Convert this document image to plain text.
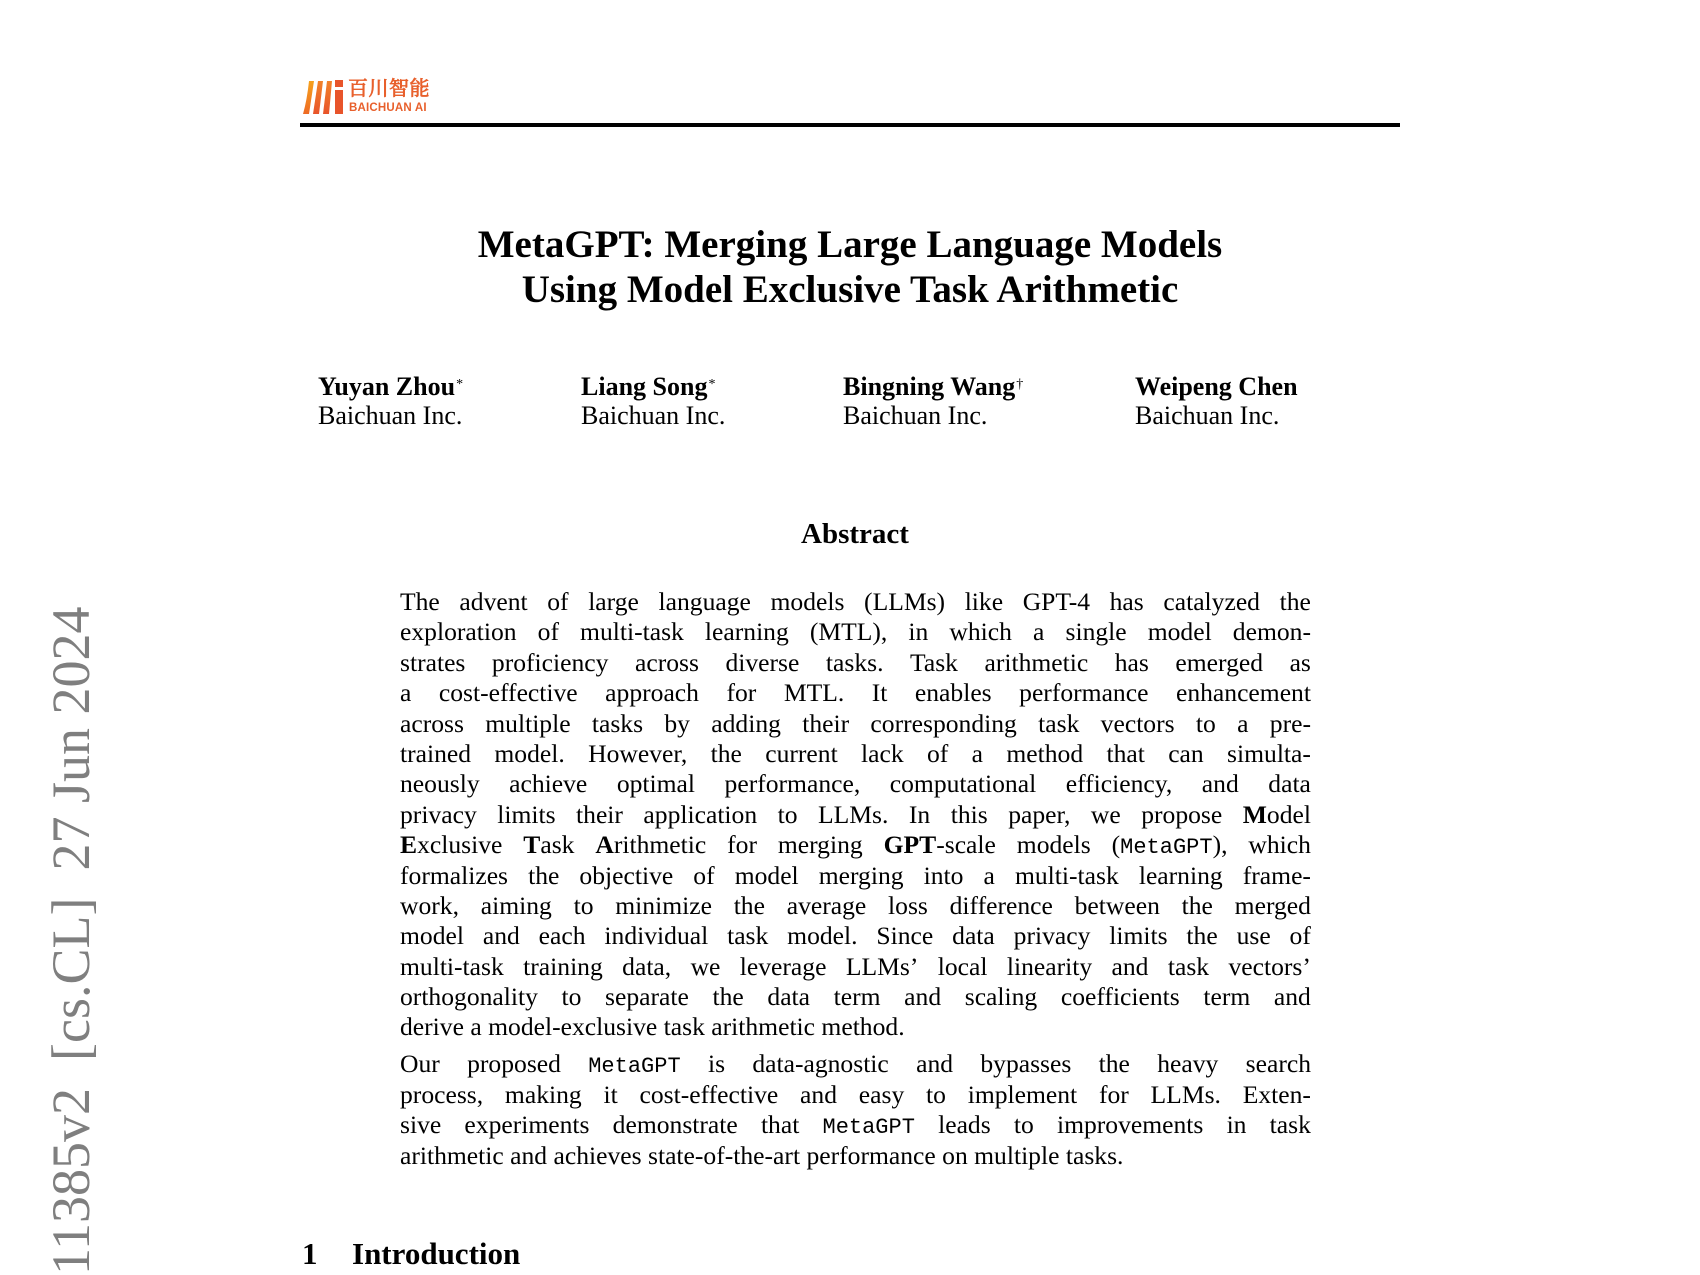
11385v2  [cs.CL]  27 Jun 2024
百川智能
BAICHUAN AI
MetaGPT: Merging Large Language Models
Using Model Exclusive Task Arithmetic
Yuyan Zhou*
Baichuan Inc.
Liang Song*
Baichuan Inc.
Bingning Wang†
Baichuan Inc.
Weipeng Chen
Baichuan Inc.
Abstract
The advent of large language models (LLMs) like GPT-4 has catalyzed the
exploration of multi-task learning (MTL), in which a single model demon-
strates proficiency across diverse tasks. Task arithmetic has emerged as
a cost-effective approach for MTL. It enables performance enhancement
across multiple tasks by adding their corresponding task vectors to a pre-
trained model. However, the current lack of a method that can simulta-
neously achieve optimal performance, computational efficiency, and data
privacy limits their application to LLMs. In this paper, we propose Model
Exclusive Task Arithmetic for merging GPT-scale models (MetaGPT), which
formalizes the objective of model merging into a multi-task learning frame-
work, aiming to minimize the average loss difference between the merged
model and each individual task model. Since data privacy limits the use of
multi-task training data, we leverage LLMs’ local linearity and task vectors’
orthogonality to separate the data term and scaling coefficients term and
derive a model-exclusive task arithmetic method.
Our proposed MetaGPT is data-agnostic and bypasses the heavy search
process, making it cost-effective and easy to implement for LLMs. Exten-
sive experiments demonstrate that MetaGPT leads to improvements in task
arithmetic and achieves state-of-the-art performance on multiple tasks.
1 Introduction
